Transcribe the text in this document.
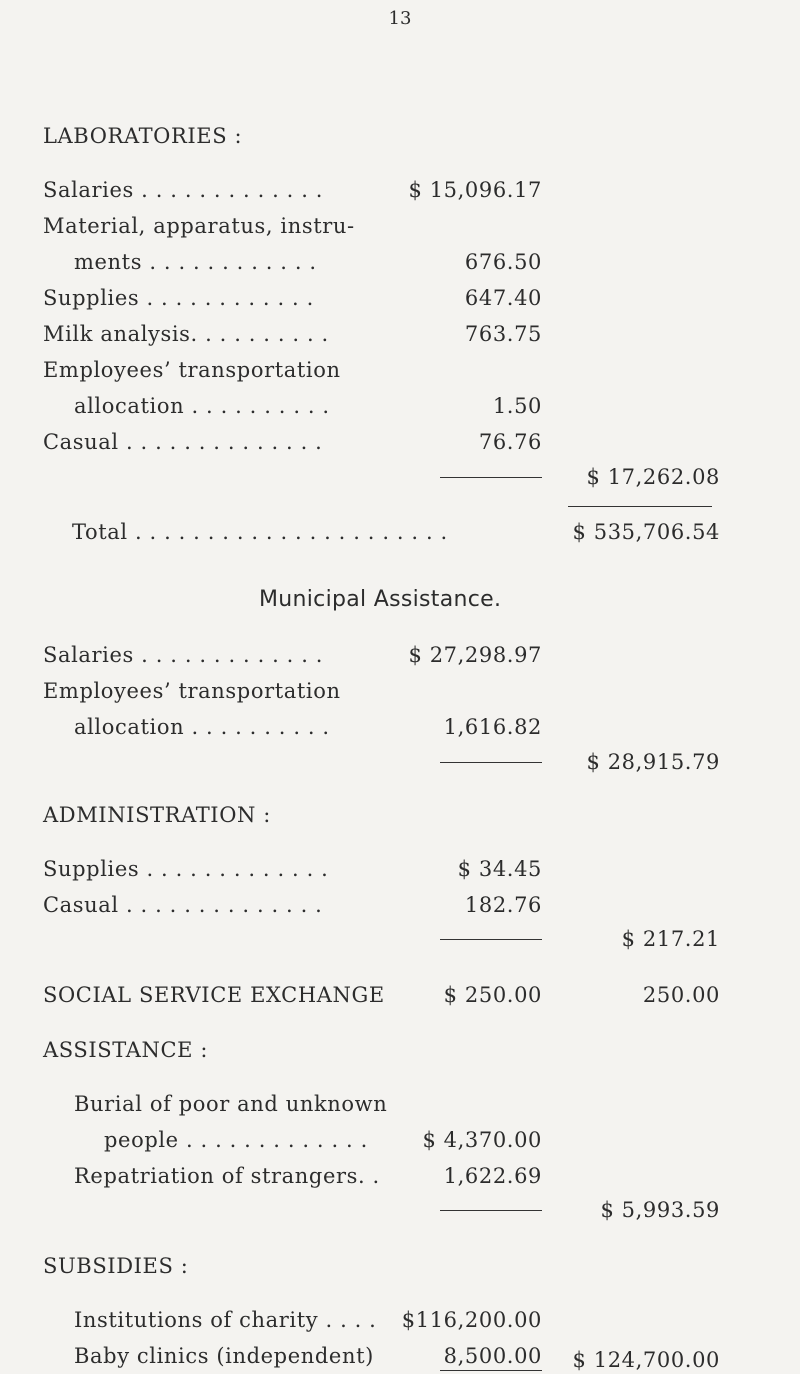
13
LABORATORIES :
Salaries . . . . . . . . . . . . .	$ 15,096.17
Material, apparatus, instru-
ments . . . . . . . . . . . .	676.50
Supplies . . . . . . . . . . . .	647.40
Milk analysis. . . . . . . . . .	763.75
Employees’ transportation
allocation . . . . . . . . . .	1.50
Casual . . . . . . . . . . . . . .	76.76
$ 17,262.08
Total . . . . . . . . . . . . . . . . . . . . . .	$ 535,706.54
Municipal Assistance.
Salaries . . . . . . . . . . . . .	$ 27,298.97
Employees’ transportation
allocation . . . . . . . . . .	1,616.82
$ 28,915.79
ADMINISTRATION :
Supplies . . . . . . . . . . . . .	$ 34.45
Casual . . . . . . . . . . . . . .	182.76
$ 217.21
SOCIAL SERVICE EXCHANGE	$ 250.00	250.00
ASSISTANCE :
Burial of poor and unknown
people . . . . . . . . . . . . .	$ 4,370.00
Repatriation of strangers. .	1,622.69
$ 5,993.59
SUBSIDIES :
Institutions of charity . . . . $116,200.00
Baby clinics (independent)	8,500.00 $ 124,700.00
